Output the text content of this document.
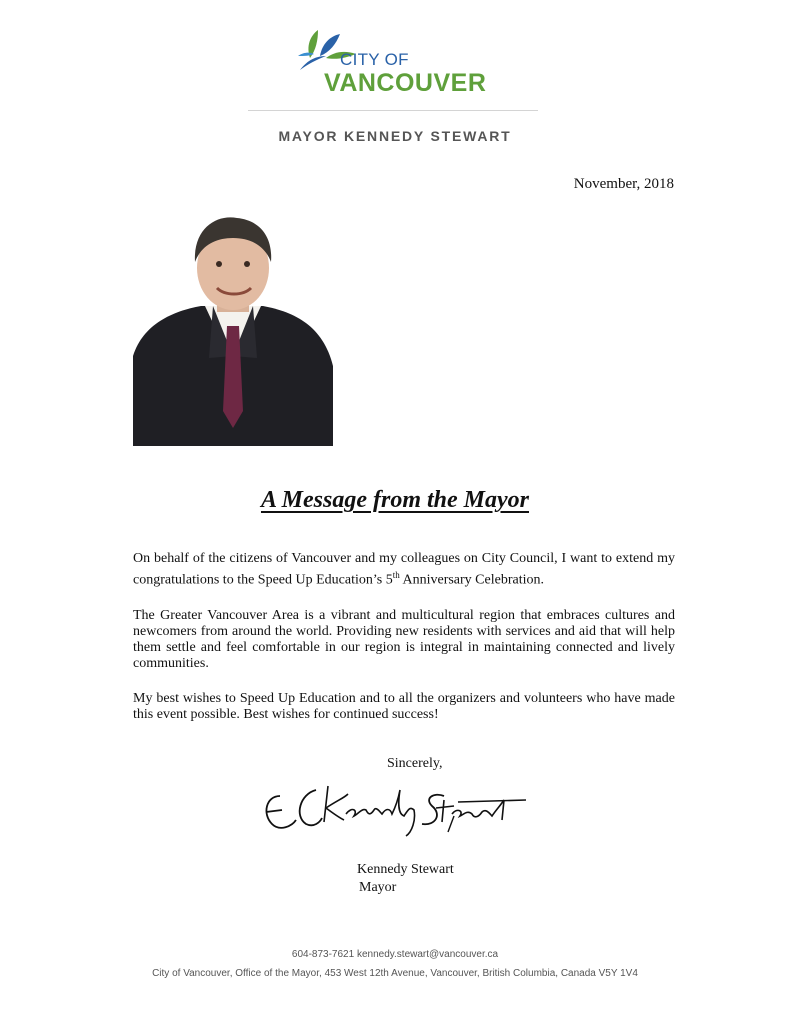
CITY OF
VANCOUVER
MAYOR KENNEDY STEWART
November, 2018
A Message from the Mayor

On behalf of the citizens of Vancouver and my colleagues on City Council, I want to extend my congratulations to the Speed Up Education’s 5th Anniversary Celebration.

The Greater Vancouver Area is a vibrant and multicultural region that embraces cultures and newcomers from around the world. Providing new residents with services and aid that will help them settle and feel comfortable in our region is integral in maintaining connected and lively communities.

My best wishes to Speed Up Education and to all the organizers and volunteers who have made this event possible. Best wishes for continued success!

Sincerely,
Kennedy Stewart
Mayor
604-873-7621 kennedy.stewart@vancouver.ca
City of Vancouver, Office of the Mayor, 453 West 12th Avenue, Vancouver, British Columbia, Canada V5Y 1V4
